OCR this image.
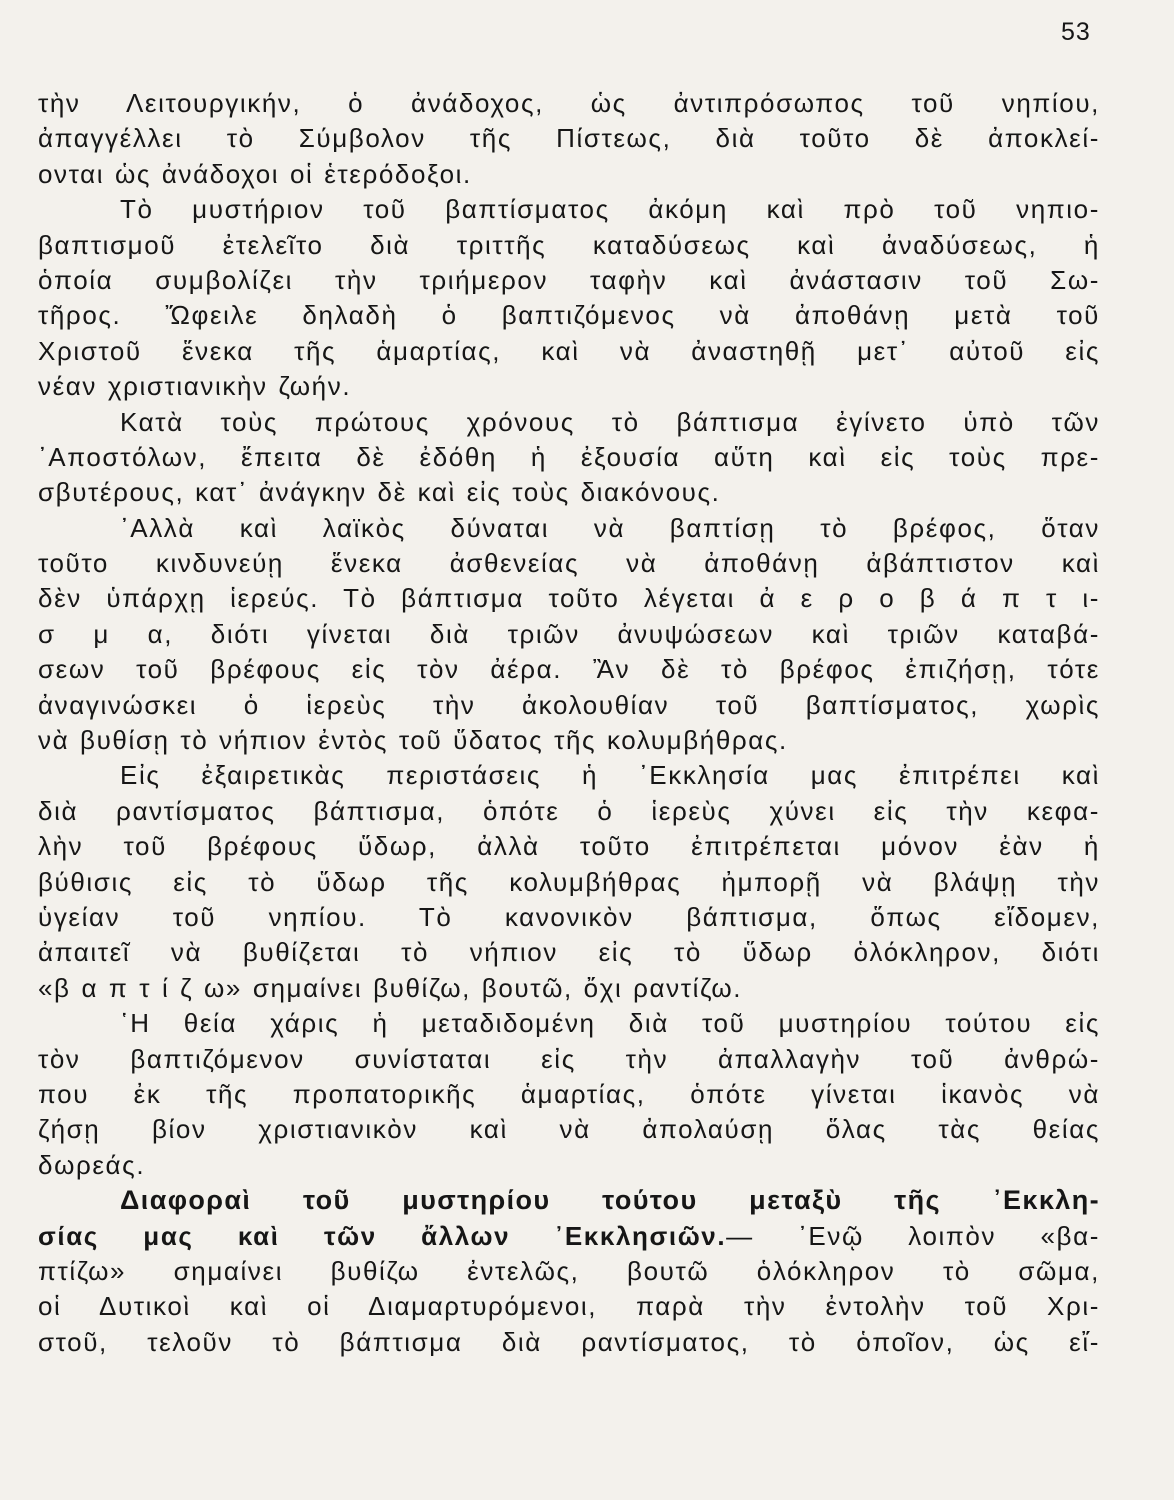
53
τὴν Λειτουργικήν, ὁ ἀνάδοχος, ὡς ἀντιπρόσωπος τοῦ νηπίου,
ἀπαγγέλλει τὸ Σύμβολον τῆς Πίστεως, διὰ τοῦτο δὲ ἀποκλεί-
ονται ὡς ἀνάδοχοι οἱ ἑτερόδοξοι.
Τὸ μυστήριον τοῦ βαπτίσματος ἀκόμη καὶ πρὸ τοῦ νηπιο-
βαπτισμοῦ ἐτελεῖτο διὰ τριττῆς καταδύσεως καὶ ἀναδύσεως, ἡ
ὁποία συμβολίζει τὴν τριήμερον ταφὴν καὶ ἀνάστασιν τοῦ Σω-
τῆρος. Ὤφειλε δηλαδὴ ὁ βαπτιζόμενος νὰ ἀποθάνῃ μετὰ τοῦ
Χριστοῦ ἕνεκα τῆς ἁμαρτίας, καὶ νὰ ἀναστηθῇ μετ᾽ αὐτοῦ εἰς
νέαν χριστιανικὴν ζωήν.
Κατὰ τοὺς πρώτους χρόνους τὸ βάπτισμα ἐγίνετο ὑπὸ τῶν
᾽Αποστόλων, ἔπειτα δὲ ἐδόθη ἡ ἐξουσία αὕτη καὶ εἰς τοὺς πρε-
σβυτέρους, κατ᾽ ἀνάγκην δὲ καὶ εἰς τοὺς διακόνους.
᾽Αλλὰ καὶ λαϊκὸς δύναται νὰ βαπτίσῃ τὸ βρέφος, ὅταν
τοῦτο κινδυνεύῃ ἕνεκα ἀσθενείας νὰ ἀποθάνῃ ἀβάπτιστον καὶ
δὲν ὑπάρχῃ ἱερεύς. Τὸ βάπτισμα τοῦτο λέγεται ἀ ε ρ ο β ά π τ ι-
σ μ α, διότι γίνεται διὰ τριῶν ἀνυψώσεων καὶ τριῶν καταβά-
σεων τοῦ βρέφους εἰς τὸν ἀέρα. Ἂν δὲ τὸ βρέφος ἐπιζήσῃ, τότε
ἀναγινώσκει ὁ ἱερεὺς τὴν ἀκολουθίαν τοῦ βαπτίσματος, χωρὶς
νὰ βυθίσῃ τὸ νήπιον ἐντὸς τοῦ ὕδατος τῆς κολυμβήθρας.
Εἰς ἐξαιρετικὰς περιστάσεις ἡ ᾽Εκκλησία μας ἐπιτρέπει καὶ
διὰ ραντίσματος βάπτισμα, ὁπότε ὁ ἱερεὺς χύνει εἰς τὴν κεφα-
λὴν τοῦ βρέφους ὕδωρ, ἀλλὰ τοῦτο ἐπιτρέπεται μόνον ἐὰν ἡ
βύθισις εἰς τὸ ὕδωρ τῆς κολυμβήθρας ἠμπορῇ νὰ βλάψῃ τὴν
ὑγείαν τοῦ νηπίου. Τὸ κανονικὸν βάπτισμα, ὅπως εἴδομεν,
ἀπαιτεῖ νὰ βυθίζεται τὸ νήπιον εἰς τὸ ὕδωρ ὁλόκληρον, διότι
«β α π τ ί ζ ω» σημαίνει βυθίζω, βουτῶ, ὄχι ραντίζω.
῾Η θεία χάρις ἡ μεταδιδομένη διὰ τοῦ μυστηρίου τούτου εἰς
τὸν βαπτιζόμενον συνίσταται εἰς τὴν ἀπαλλαγὴν τοῦ ἀνθρώ-
που ἐκ τῆς προπατορικῆς ἁμαρτίας, ὁπότε γίνεται ἱκανὸς νὰ
ζήσῃ βίον χριστιανικὸν καὶ νὰ ἀπολαύσῃ ὅλας τὰς θείας
δωρεάς.
Διαφοραὶ τοῦ μυστηρίου τούτου μεταξὺ τῆς ᾽Εκκλη-
σίας μας καὶ τῶν ἄλλων ᾽Εκκλησιῶν.— ᾽Ενῷ λοιπὸν «βα-
πτίζω» σημαίνει βυθίζω ἐντελῶς, βουτῶ ὁλόκληρον τὸ σῶμα,
οἱ Δυτικοὶ καὶ οἱ Διαμαρτυρόμενοι, παρὰ τὴν ἐντολὴν τοῦ Χρι-
στοῦ, τελοῦν τὸ βάπτισμα διὰ ραντίσματος, τὸ ὁποῖον, ὡς εἴ-
